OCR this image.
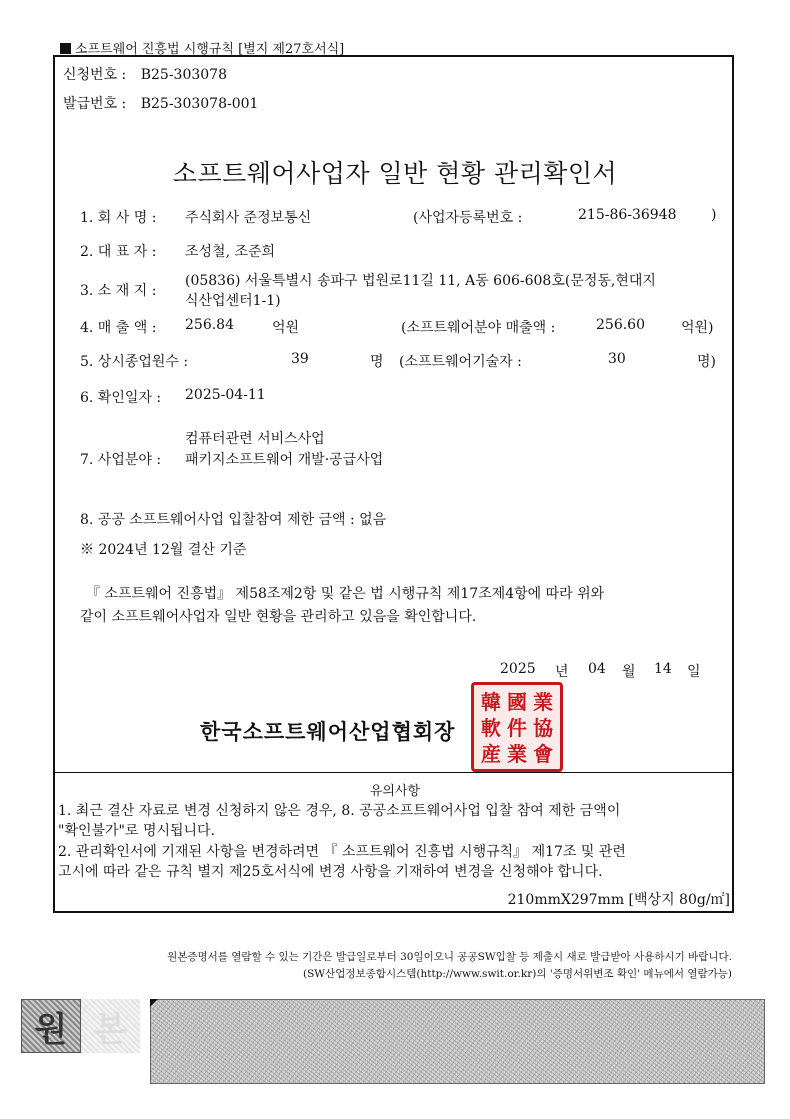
소프트웨어 진흥법 시행규칙 [별지 제27호서식]
신청번호 : B25-303078
발급번호 : B25-303078-001
소프트웨어사업자 일반 현황 관리확인서
1. 회 사 명 : 주식회사 준정보통신	(사업자등록번호 :	215-86-36948 )
2. 대 표 자 : 조성철, 조준희
3. 소 재 지 :
(05836) 서울특별시 송파구 법원로11길 11, A동 606-608호(문정동,현대지
식산업센터1-1)
4. 매 출 액 : 256.84	억원	(소프트웨어분야 매출액 :	256.60	억원)
5. 상시종업원수 :	39	명 (소프트웨어기술자 :	30	명)
6. 확인일자 : 2025-04-11
컴퓨터관련 서비스사업
7. 사업분야 : 패키지소프트웨어 개발·공급사업
8. 공공 소프트웨어사업 입찰참여 제한 금액 : 없음
※ 2024년 12월 결산 기준
『 소프트웨어 진흥법』 제58조제2항 및 같은 법 시행규칙 제17조제4항에 따라 위와
같이 소프트웨어사업자 일반 현황을 관리하고 있음을 확인합니다.
2025 년 04 월 14 일
한국소프트웨어산업협회장
韓 國 業
軟 件 協
産 業 會
유의사항
1. 최근 결산 자료로 변경 신청하지 않은 경우, 8. 공공소프트웨어사업 입찰 참여 제한 금액이
"확인불가"로 명시됩니다.
2. 관리확인서에 기재된 사항을 변경하려면 『 소프트웨어 진흥법 시행규칙』 제17조 및 관련
고시에 따라 같은 규칙 별지 제25호서식에 변경 사항을 기재하여 변경을 신청해야 합니다.
210mmX297mm [백상지 80g/㎡]
원본증명서를 열람할 수 있는 기간은 발급일로부터 30일이오니 공공SW입찰 등 제출시 새로 발급받아 사용하시기 바랍니다.
(SW산업정보종합시스템(http://www.swit.or.kr)의 '증명서위변조 확인' 메뉴에서 열람가능)
원 본
